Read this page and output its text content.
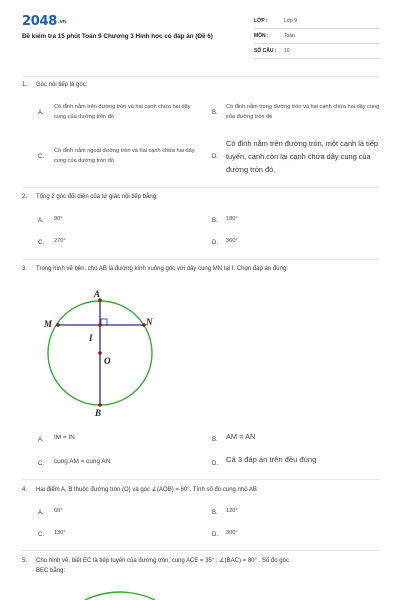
2048.vn
Đề kiểm tra 15 phút Toán 9 Chương 3 Hình học có đáp án (Đề 6)
LỚP :	Lớp 9
MÔN :	Toán
SỐ CÂU : 10
1. Góc nội tiếp là góc:
A.
Có đỉnh nằm trên đường tròn và hai cạnh chứa hai dây cung của đường tròn đó
B.
Có đỉnh nằm trong đường tròn và hai cạnh chứa hai dây cung của đường tròn đó
C.
Có đỉnh nằm ngoài đường tròn và hai cạnh chứa hai dây cung của đường tròn đó
D.
Có đỉnh nằm trên đường tròn, một cạnh là tiếp tuyến, cạnh còn lại cạnh chứa dây cung của đường tròn đó.
2. Tổng 2 góc đối diện của tứ giác nội tiếp bằng:
A. 90°	B. 180°
C. 270°	D. 360°
3. Trong hình vẽ bên, cho AB là đường kính vuông góc với dây cung MN tại I. Chọn đáp án đúng:
A
M	N
I
O
B
A. IM = IN	B. AM = AN
C. cung AM = cung AN	D. Cả 3 đáp án trên đều đúng
4. Hai điểm A, B thuộc đường tròn (O) và góc ∠(AOB) = 60°. Tính số đo cung nhỏ AB
A. 60°	B. 120°
C. 130°	D. 300°
5. Cho hình vẽ, biết EC là tiếp tuyến của đường tròn, cung ACE = 35° ; ∠(BAC) = 80° . Số đo góc
BEC bằng:
